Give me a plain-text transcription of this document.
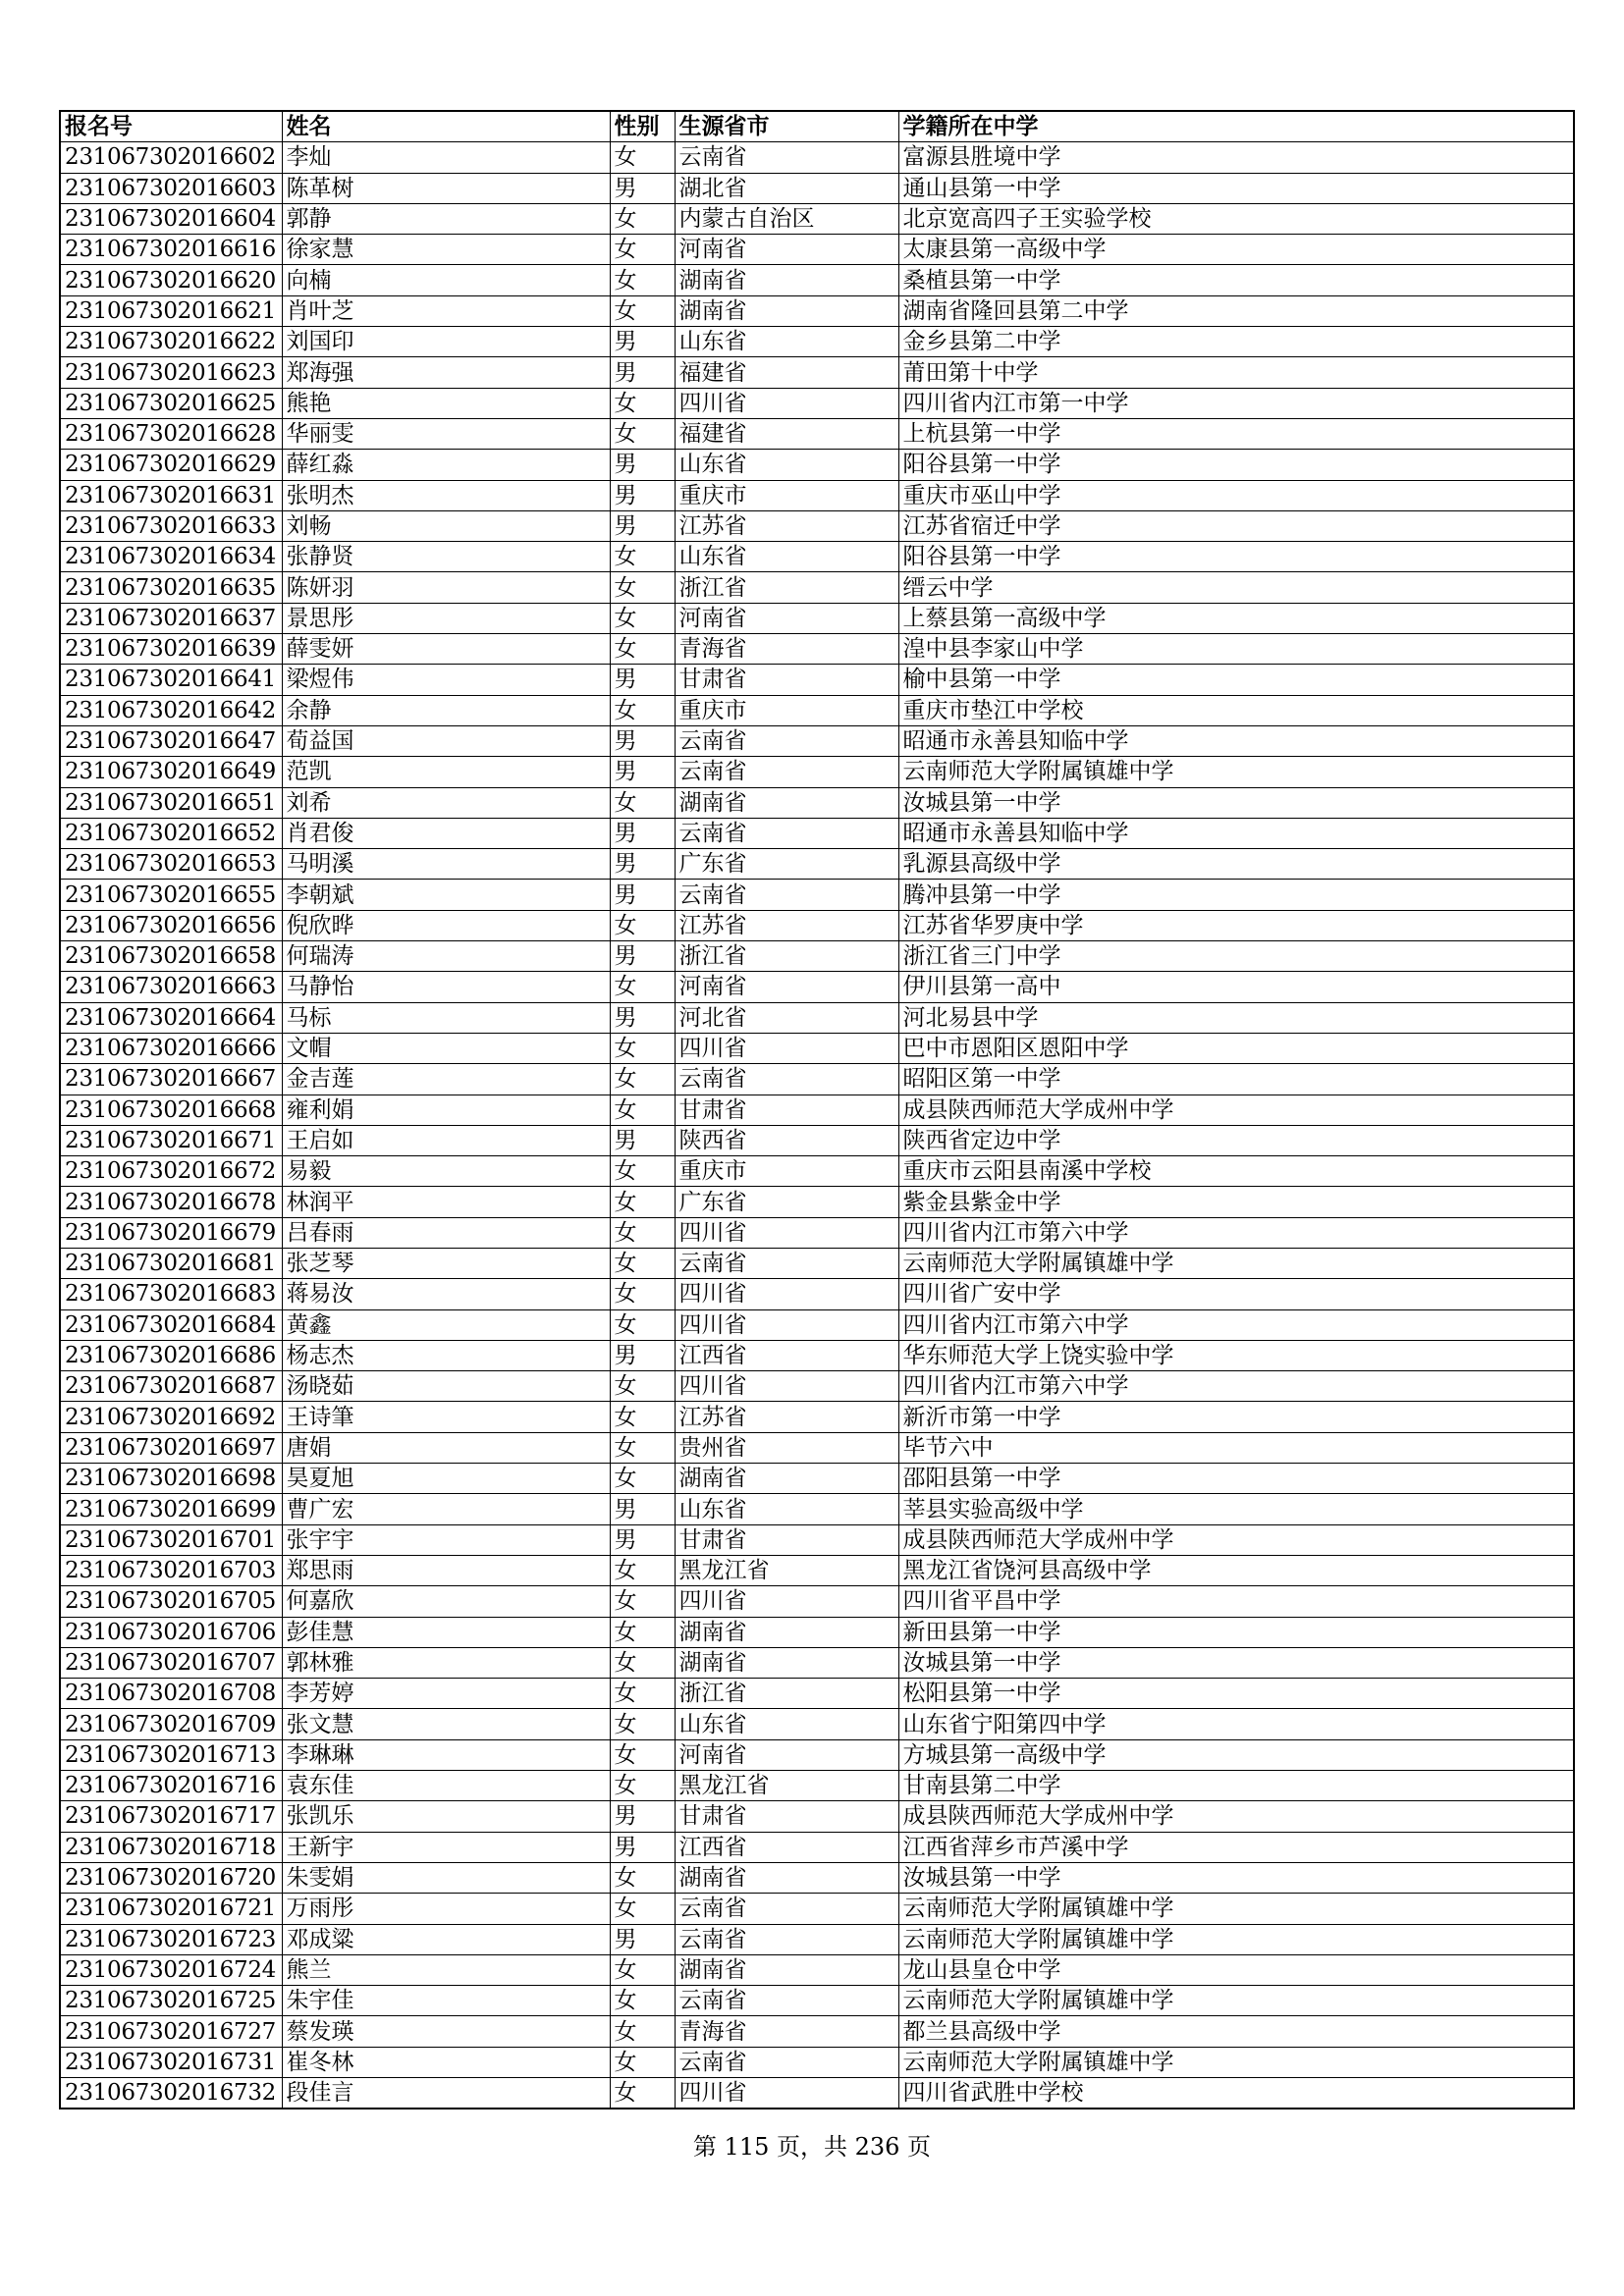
报名号	姓名	性别	生源省市	学籍所在中学
231067302016602	李灿	女	云南省	富源县胜境中学
231067302016603	陈革树	男	湖北省	通山县第一中学
231067302016604	郭静	女	内蒙古自治区	北京宽高四子王实验学校
231067302016616	徐家慧	女	河南省	太康县第一高级中学
231067302016620	向楠	女	湖南省	桑植县第一中学
231067302016621	肖叶芝	女	湖南省	湖南省隆回县第二中学
231067302016622	刘国印	男	山东省	金乡县第二中学
231067302016623	郑海强	男	福建省	莆田第十中学
231067302016625	熊艳	女	四川省	四川省内江市第一中学
231067302016628	华丽雯	女	福建省	上杭县第一中学
231067302016629	薛红淼	男	山东省	阳谷县第一中学
231067302016631	张明杰	男	重庆市	重庆市巫山中学
231067302016633	刘畅	男	江苏省	江苏省宿迁中学
231067302016634	张静贤	女	山东省	阳谷县第一中学
231067302016635	陈妍羽	女	浙江省	缙云中学
231067302016637	景思彤	女	河南省	上蔡县第一高级中学
231067302016639	薛雯妍	女	青海省	湟中县李家山中学
231067302016641	梁煜伟	男	甘肃省	榆中县第一中学
231067302016642	余静	女	重庆市	重庆市垫江中学校
231067302016647	荀益国	男	云南省	昭通市永善县知临中学
231067302016649	范凯	男	云南省	云南师范大学附属镇雄中学
231067302016651	刘希	女	湖南省	汝城县第一中学
231067302016652	肖君俊	男	云南省	昭通市永善县知临中学
231067302016653	马明溪	男	广东省	乳源县高级中学
231067302016655	李朝斌	男	云南省	腾冲县第一中学
231067302016656	倪欣晔	女	江苏省	江苏省华罗庚中学
231067302016658	何瑞涛	男	浙江省	浙江省三门中学
231067302016663	马静怡	女	河南省	伊川县第一高中
231067302016664	马标	男	河北省	河北易县中学
231067302016666	文帽	女	四川省	巴中市恩阳区恩阳中学
231067302016667	金吉莲	女	云南省	昭阳区第一中学
231067302016668	雍利娟	女	甘肃省	成县陕西师范大学成州中学
231067302016671	王启如	男	陕西省	陕西省定边中学
231067302016672	易毅	女	重庆市	重庆市云阳县南溪中学校
231067302016678	林润平	女	广东省	紫金县紫金中学
231067302016679	吕春雨	女	四川省	四川省内江市第六中学
231067302016681	张芝琴	女	云南省	云南师范大学附属镇雄中学
231067302016683	蒋易汝	女	四川省	四川省广安中学
231067302016684	黄鑫	女	四川省	四川省内江市第六中学
231067302016686	杨志杰	男	江西省	华东师范大学上饶实验中学
231067302016687	汤晓茹	女	四川省	四川省内江市第六中学
231067302016692	王诗筆	女	江苏省	新沂市第一中学
231067302016697	唐娟	女	贵州省	毕节六中
231067302016698	昊夏旭	女	湖南省	邵阳县第一中学
231067302016699	曹广宏	男	山东省	莘县实验高级中学
231067302016701	张宇宇	男	甘肃省	成县陕西师范大学成州中学
231067302016703	郑思雨	女	黑龙江省	黑龙江省饶河县高级中学
231067302016705	何嘉欣	女	四川省	四川省平昌中学
231067302016706	彭佳慧	女	湖南省	新田县第一中学
231067302016707	郭林雅	女	湖南省	汝城县第一中学
231067302016708	李芳婷	女	浙江省	松阳县第一中学
231067302016709	张文慧	女	山东省	山东省宁阳第四中学
231067302016713	李琳琳	女	河南省	方城县第一高级中学
231067302016716	袁东佳	女	黑龙江省	甘南县第二中学
231067302016717	张凯乐	男	甘肃省	成县陕西师范大学成州中学
231067302016718	王新宇	男	江西省	江西省萍乡市芦溪中学
231067302016720	朱雯娟	女	湖南省	汝城县第一中学
231067302016721	万雨彤	女	云南省	云南师范大学附属镇雄中学
231067302016723	邓成粱	男	云南省	云南师范大学附属镇雄中学
231067302016724	熊兰	女	湖南省	龙山县皇仓中学
231067302016725	朱宇佳	女	云南省	云南师范大学附属镇雄中学
231067302016727	蔡发瑛	女	青海省	都兰县高级中学
231067302016731	崔冬林	女	云南省	云南师范大学附属镇雄中学
231067302016732	段佳言	女	四川省	四川省武胜中学校
第 115 页，共 236 页
